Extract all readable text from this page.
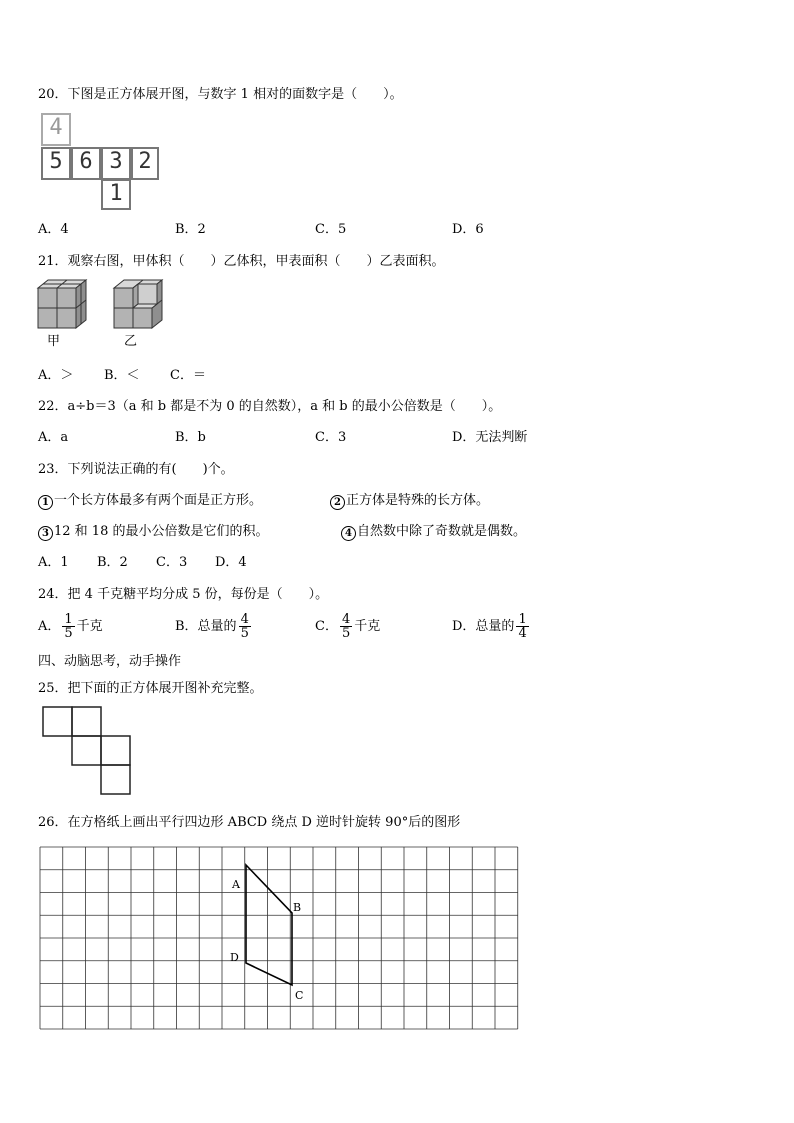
20．下图是正方体展开图，与数字 1 相对的面数字是（　　）。
4
5 6 3 2
1
A．4	B．2	C．5	D．6
21．观察右图，甲体积（　　）乙体积，甲表面积（　　）乙表面积。
甲	乙
A．＞ B．＜ C．＝
22．a÷b＝3（a 和 b 都是不为 0 的自然数），a 和 b 的最小公倍数是（　　）。
A．a	B．b	C．3	D．无法判断
23．下列说法正确的有(　　)个。
1 一个长方体最多有两个面是正方形。	2 正方体是特殊的长方体。
3 12 和 18 的最小公倍数是它们的积。	4 自然数中除了奇数就是偶数。
A．1 B．2 C．3 D．4
24．把 4 千克糖平均分成 5 份，每份是（　　）。
A． $\frac{1}{5}$ 千克	B．总量的 $\frac{4}{5}$	C． $\frac{4}{5}$ 千克	D．总量的 $\frac{1}{4}$
四、动脑思考，动手操作
25．把下面的正方体展开图补充完整。
26．在方格纸上画出平行四边形 ABCD 绕点 D 逆时针旋转 90°后的图形
A
B
C
D
